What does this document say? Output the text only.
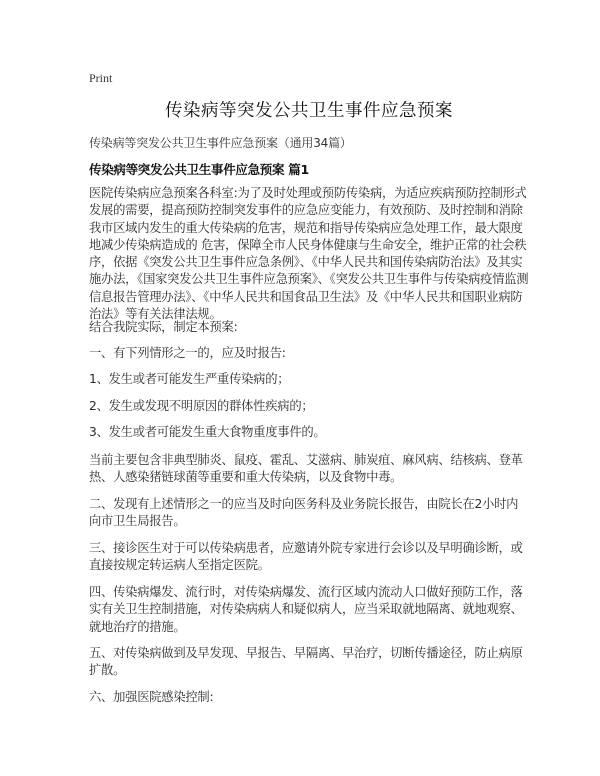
Print
传染病等突发公共卫生事件应急预案
传染病等突发公共卫生事件应急预案（通用34篇）
传染病等突发公共卫生事件应急预案 篇1
医院传染病应急预案各科室:为了及时处理或预防传染病，为适应疾病预防控制形式发展的需要，提高预防控制突发事件的应急应变能力，有效预防、及时控制和消除我市区域内发生的重大传染病的危害，规范和指导传染病应急处理工作，最大限度地减少传染病造成的 危害，保障全市人民身体健康与生命安全，维护正常的社会秩序，依据《突发公共卫生事件应急条例》、《中华人民共和国传染病防治法》及其实施办法，《国家突发公共卫生事件应急预案》、《突发公共卫生事件与传染病疫情监测信息报告管理办法》、《中华人民共和国食品卫生法》及《中华人民共和国职业病防治法》等有关法律法规。
结合我院实际，制定本预案:
一、有下列情形之一的，应及时报告:
1、发生或者可能发生严重传染病的；
2、发生或发现不明原因的群体性疾病的；
3、发生或者可能发生重大食物重度事件的。
当前主要包含非典型肺炎、鼠疫、霍乱、艾滋病、肺炭疽、麻风病、结核病、登革热、人感染猪链球菌等重要和重大传染病，以及食物中毒。
二、发现有上述情形之一的应当及时向医务科及业务院长报告，由院长在2小时内向市卫生局报告。
三、接诊医生对于可以传染病患者，应邀请外院专家进行会诊以及早明确诊断，或直接按规定转运病人至指定医院。
四、传染病爆发、流行时，对传染病爆发、流行区域内流动人口做好预防工作，落实有关卫生控制措施，对传染病病人和疑似病人，应当采取就地隔离、就地观察、就地治疗的措施。
五、对传染病做到及早发现、早报告、早隔离、早治疗，切断传播途径，防止病原扩散。
六、加强医院感染控制:
